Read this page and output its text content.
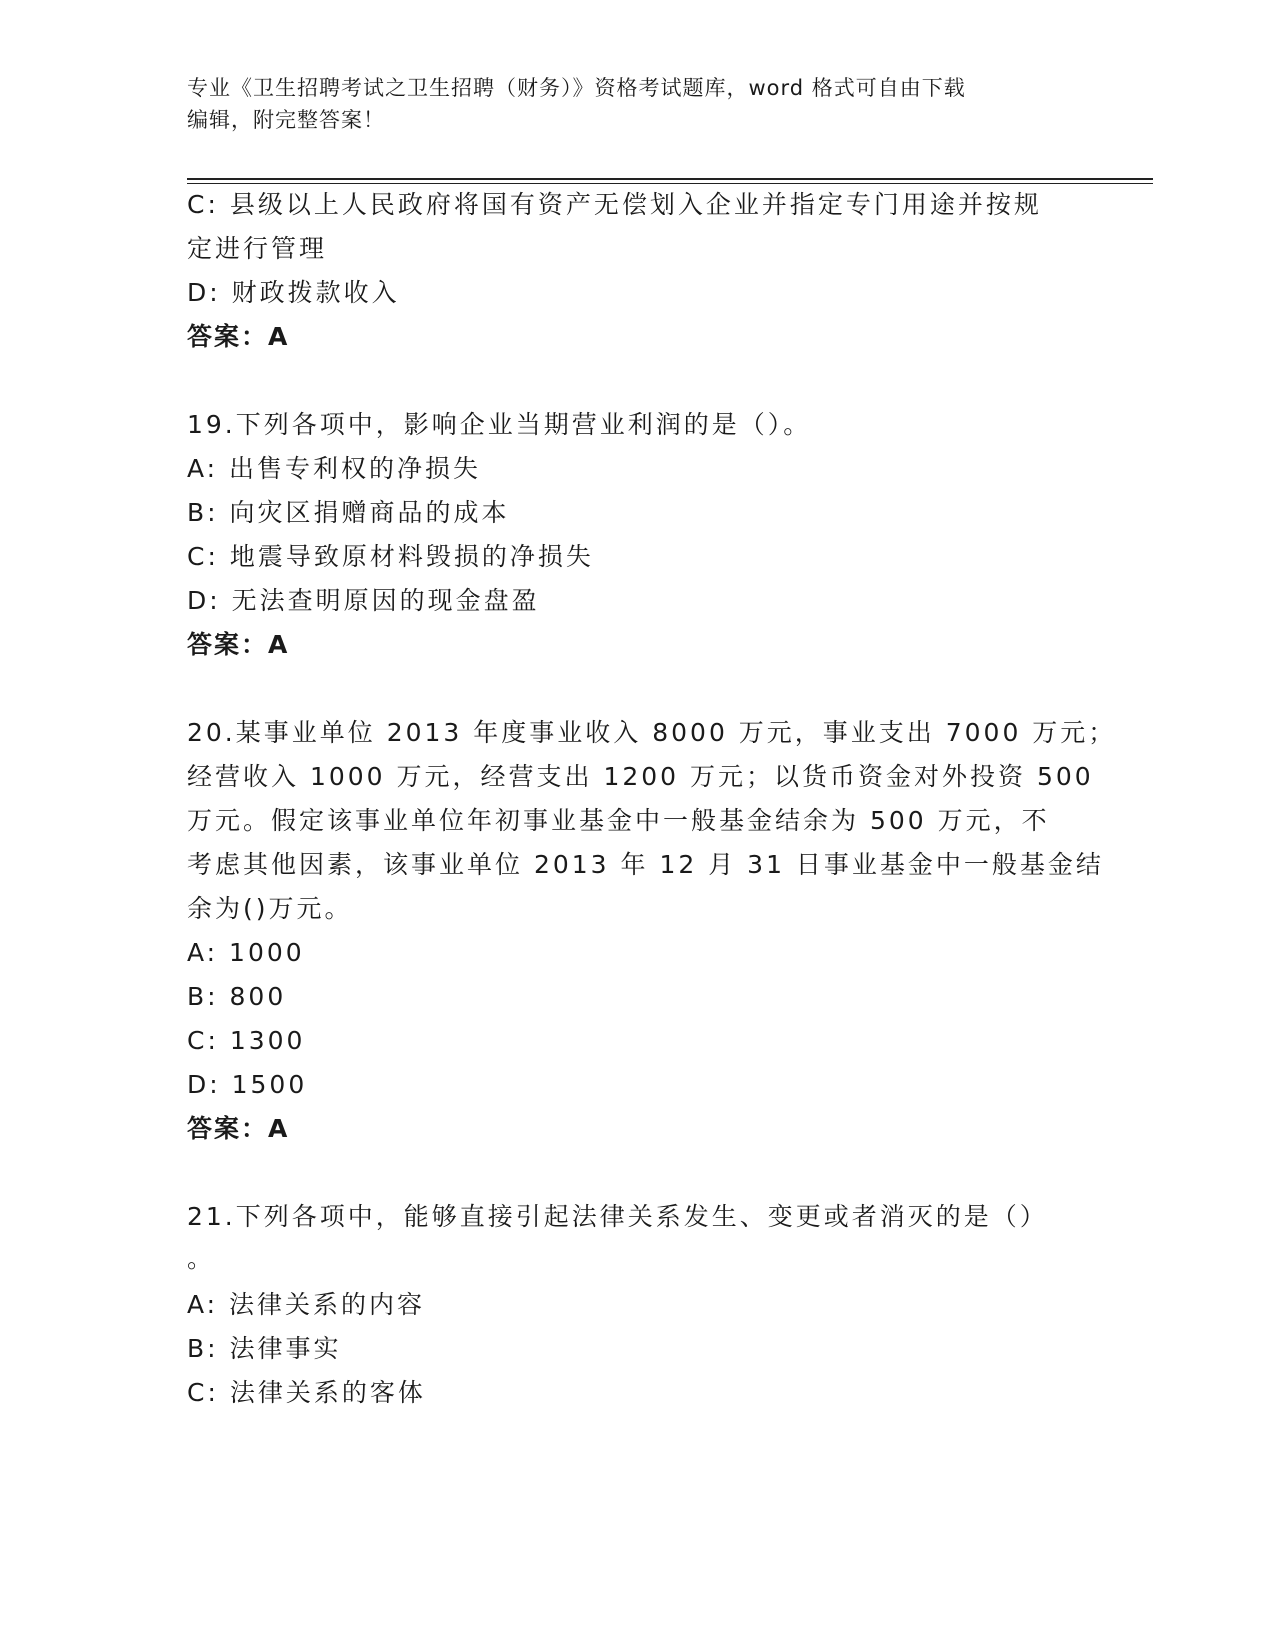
专业《卫生招聘考试之卫生招聘（财务）》资格考试题库，word 格式可自由下载
编辑，附完整答案！
C: 县级以上人民政府将国有资产无偿划入企业并指定专门用途并按规
定进行管理
D: 财政拨款收入
答案：A
19.下列各项中，影响企业当期营业利润的是（）。
A: 出售专利权的净损失
B: 向灾区捐赠商品的成本
C: 地震导致原材料毁损的净损失
D: 无法查明原因的现金盘盈
答案：A
20.某事业单位 2013 年度事业收入 8000 万元，事业支出 7000 万元；
经营收入 1000 万元，经营支出 1200 万元；以货币资金对外投资 500
万元。假定该事业单位年初事业基金中一般基金结余为 500 万元，不
考虑其他因素，该事业单位 2013 年 12 月 31 日事业基金中一般基金结
余为()万元。
A: 1000
B: 800
C: 1300
D: 1500
答案：A
21.下列各项中，能够直接引起法律关系发生、变更或者消灭的是（）
。
A: 法律关系的内容
B: 法律事实
C: 法律关系的客体
